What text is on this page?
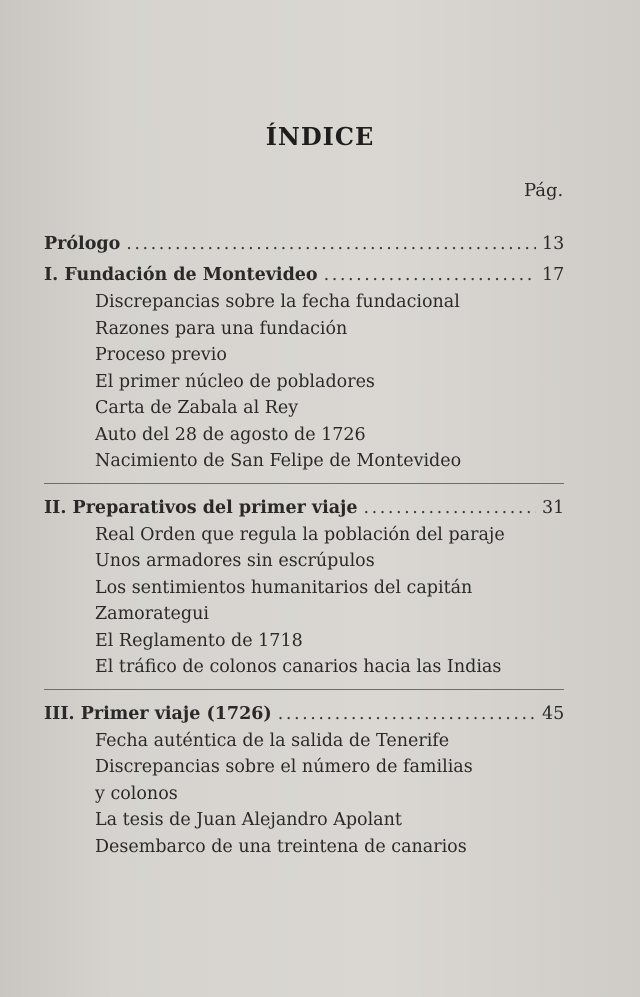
ÍNDICE
Pág.
Prólogo . . .	13
I. Fundación de Montevideo . . .	17
Discrepancias sobre la fecha fundacional
Razones para una fundación
Proceso previo
El primer núcleo de pobladores
Carta de Zabala al Rey
Auto del 28 de agosto de 1726
Nacimiento de San Felipe de Montevideo
II. Preparativos del primer viaje . . .	31
Real Orden que regula la población del paraje
Unos armadores sin escrúpulos
Los sentimientos humanitarios del capitán
Zamorategui
El Reglamento de 1718
El tráfico de colonos canarios hacia las Indias
III. Primer viaje (1726) . . .	45
Fecha auténtica de la salida de Tenerife
Discrepancias sobre el número de familias
y colonos
La tesis de Juan Alejandro Apolant
Desembarco de una treintena de canarios
